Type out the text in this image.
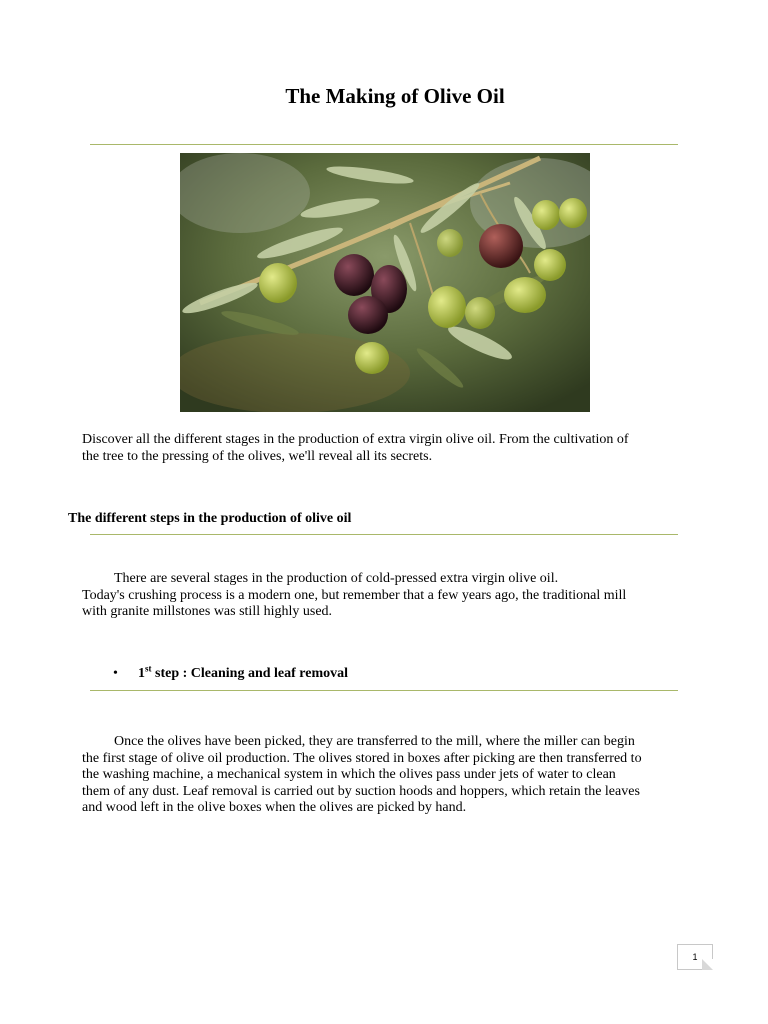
The Making of Olive Oil
Discover all the different stages in the production of extra virgin olive oil. From the cultivation of
the tree to the pressing of the olives, we'll reveal all its secrets.
The different steps in the production of olive oil
There are several stages in the production of cold-pressed extra virgin olive oil.
Today's crushing process is a modern one, but remember that a few years ago, the traditional mill
with granite millstones was still highly used.
• 1st step : Cleaning and leaf removal
Once the olives have been picked, they are transferred to the mill, where the miller can begin
the first stage of olive oil production. The olives stored in boxes after picking are then transferred to
the washing machine, a mechanical system in which the olives pass under jets of water to clean
them of any dust. Leaf removal is carried out by suction hoods and hoppers, which retain the leaves
and wood left in the olive boxes when the olives are picked by hand.
1
